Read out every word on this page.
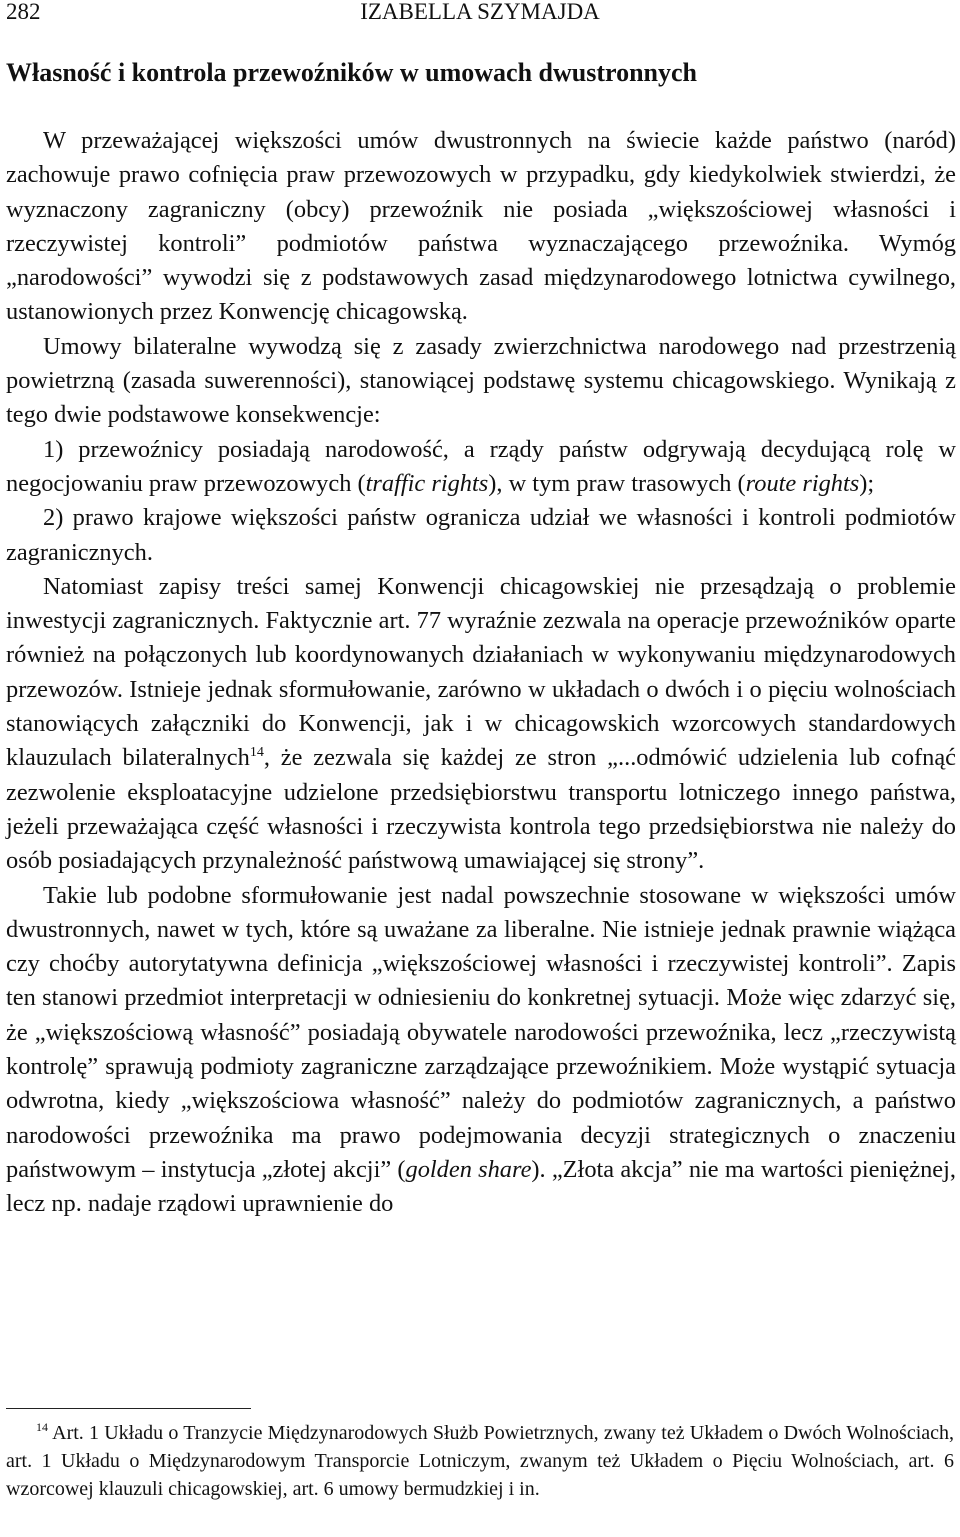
282	IZABELLA SZYMAJDA
Własność i kontrola przewoźników w umowach dwustronnych

W przeważającej większości umów dwustronnych na świecie każde państwo (naród) zachowuje prawo cofnięcia praw przewozowych w przypadku, gdy kiedykolwiek stwierdzi, że wyznaczony zagraniczny (obcy) przewoźnik nie posiada „większościowej własności i rzeczywistej kontroli” podmiotów państwa wyznaczającego przewoźnika. Wymóg „narodowości” wywodzi się z podstawowych zasad międzynarodowego lotnictwa cywilnego, ustanowionych przez Konwencję chicagowską.

Umowy bilateralne wywodzą się z zasady zwierzchnictwa narodowego nad przestrzenią powietrzną (zasada suwerenności), stanowiącej podstawę systemu chicagowskiego. Wynikają z tego dwie podstawowe konsekwencje:

1) przewoźnicy posiadają narodowość, a rządy państw odgrywają decydującą rolę w negocjowaniu praw przewozowych (traffic rights), w tym praw trasowych (route rights);

2) prawo krajowe większości państw ogranicza udział we własności i kontroli podmiotów zagranicznych.

Natomiast zapisy treści samej Konwencji chicagowskiej nie przesądzają o problemie inwestycji zagranicznych. Faktycznie art. 77 wyraźnie zezwala na operacje przewoźników oparte również na połączonych lub koordynowanych działaniach w wykonywaniu międzynarodowych przewozów. Istnieje jednak sformułowanie, zarówno w układach o dwóch i o pięciu wolnościach stanowiących załączniki do Konwencji, jak i w chicagowskich wzorcowych standardowych klauzulach bilateralnych$^{14}$, że zezwala się każdej ze stron „...odmówić udzielenia lub cofnąć zezwolenie eksploatacyjne udzielone przedsiębiorstwu transportu lotniczego innego państwa, jeżeli przeważająca część własności i rzeczywista kontrola tego przedsiębiorstwa nie należy do osób posiadających przynależność państwową umawiającej się strony”.

Takie lub podobne sformułowanie jest nadal powszechnie stosowane w większości umów dwustronnych, nawet w tych, które są uważane za liberalne. Nie istnieje jednak prawnie wiążąca czy choćby autorytatywna definicja „większościowej własności i rzeczywistej kontroli”. Zapis ten stanowi przedmiot interpretacji w odniesieniu do konkretnej sytuacji. Może więc zdarzyć się, że „większościową własność” posiadają obywatele narodowości przewoźnika, lecz „rzeczywistą kontrolę” sprawują podmioty zagraniczne zarządzające przewoźnikiem. Może wystąpić sytuacja odwrotna, kiedy „większościowa własność” należy do podmiotów zagranicznych, a państwo narodowości przewoźnika ma prawo podejmowania decyzji strategicznych o znaczeniu państwowym – instytucja „złotej akcji” (golden share). „Złota akcja” nie ma wartości pieniężnej, lecz np. nadaje rządowi uprawnienie do

$^{14}$ Art. 1 Układu o Tranzycie Międzynarodowych Służb Powietrznych, zwany też Układem o Dwóch Wolnościach, art. 1 Układu o Międzynarodowym Transporcie Lotniczym, zwanym też Układem o Pięciu Wolnościach, art. 6 wzorcowej klauzuli chicagowskiej, art. 6 umowy bermudzkiej i in.
